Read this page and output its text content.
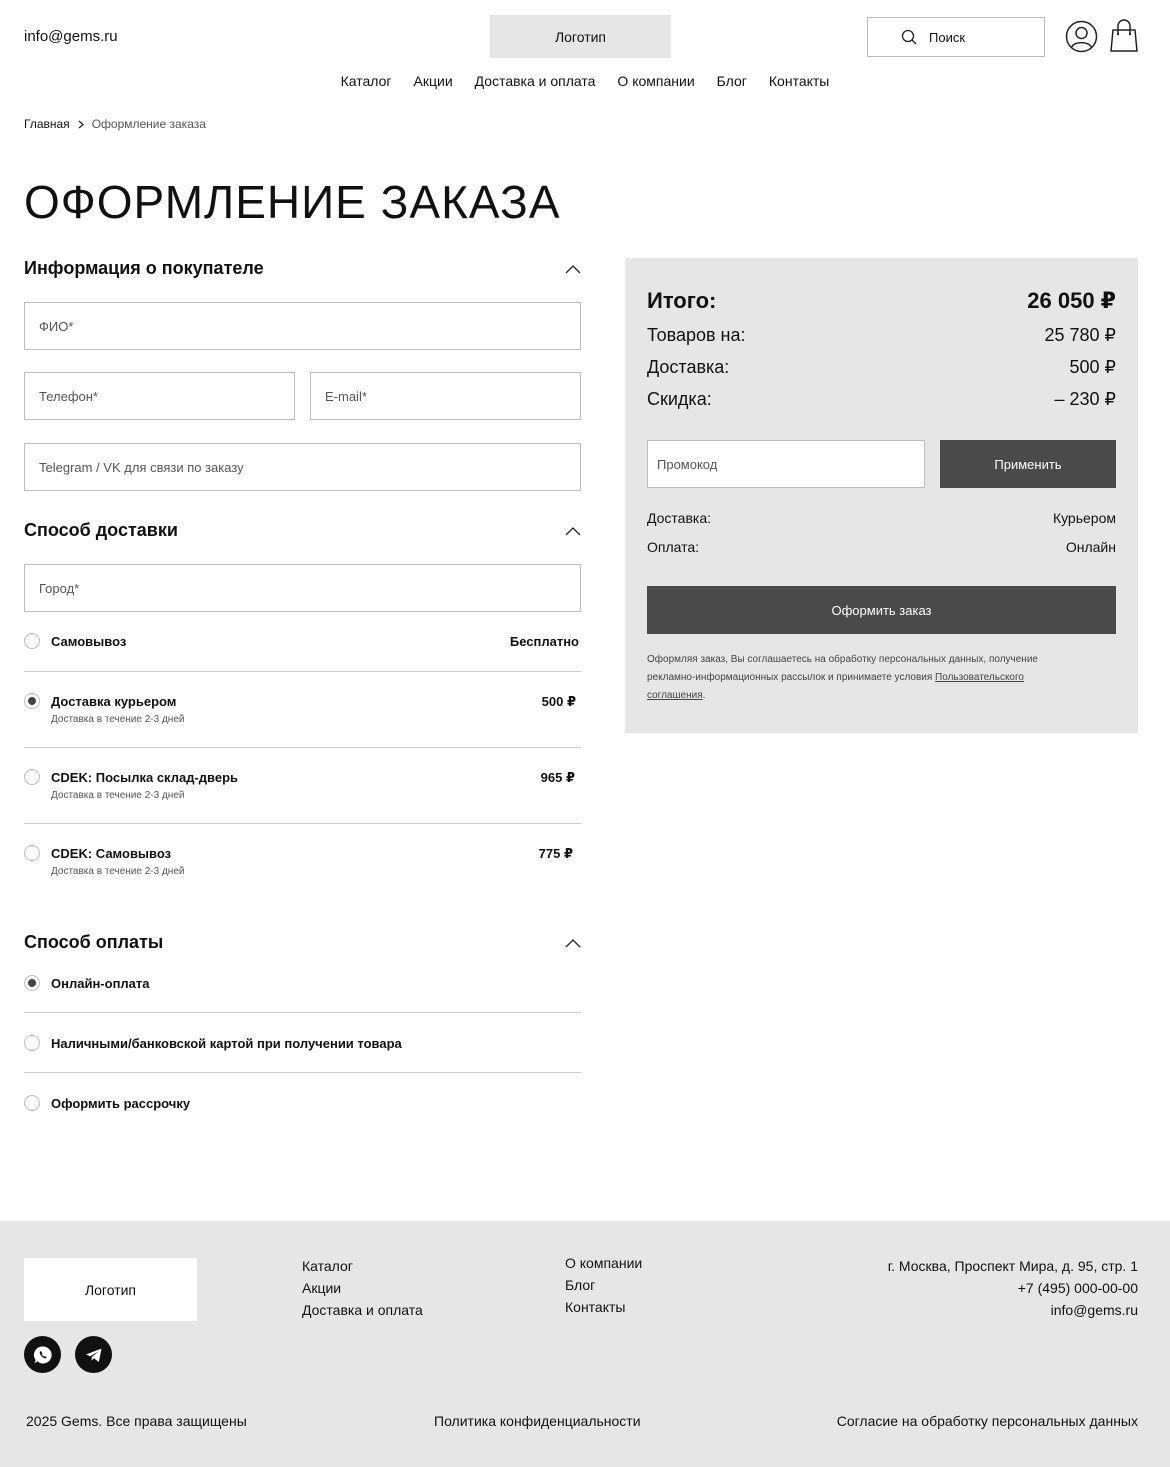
info@gems.ru	Логотип	Поиск
Каталог Акции Доставка и оплата О компании Блог Контакты
Главная Оформление заказа
ОФОРМЛЕНИЕ ЗАКАЗА
Информация о покупателе
ФИО*
Телефон*	E-mail*
Telegram / VK для связи по заказу
Способ доставки
Город*
Самовывоз	Бесплатно
Доставка курьером
Доставка в течение 2-3 дней
500 ₽
CDEK: Посылка склад-дверь
Доставка в течение 2-3 дней
965 ₽
CDEK: Самовывоз
Доставка в течение 2-3 дней
775 ₽
Способ оплаты
Онлайн-оплата
Наличными/банковской картой при получении товара
Оформить рассрочку
Итого:	26 050 ₽
Товаров на:	25 780 ₽
Доставка:	500 ₽
Скидка:	– 230 ₽
Промокод	Применить
Доставка:	Курьером
Оплата:	Онлайн
Оформить заказ
Оформляя заказ, Вы соглашаетесь на обработку персональных данных, получение рекламно-информационных рассылок и принимаете условия Пользовательского соглашения.
Логотип
Каталог
Акции
Доставка и оплата
О компании
Блог
Контакты
г. Москва, Проспект Мира, д. 95, стр. 1
+7 (495) 000-00-00
info@gems.ru
2025 Gems. Все права защищены	Политика конфиденциальности	Согласие на обработку персональных данных
